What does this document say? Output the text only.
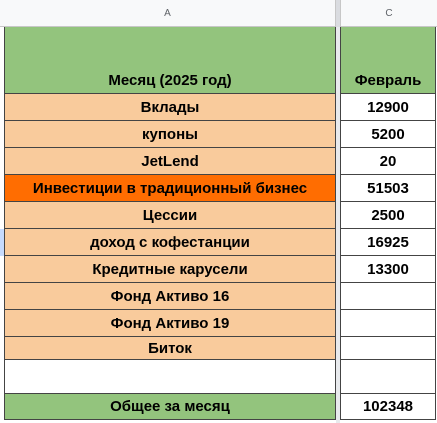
A	C
Месяц (2025 год)	Февраль
Вклады	12900
купоны	5200
JetLend	20
Инвестиции в традиционный бизнес	51503
Цессии	2500
доход с кофестанции	16925
Кредитные карусели	13300
Фонд Активо 16
Фонд Активо 19
Биток
Общее за месяц	102348
